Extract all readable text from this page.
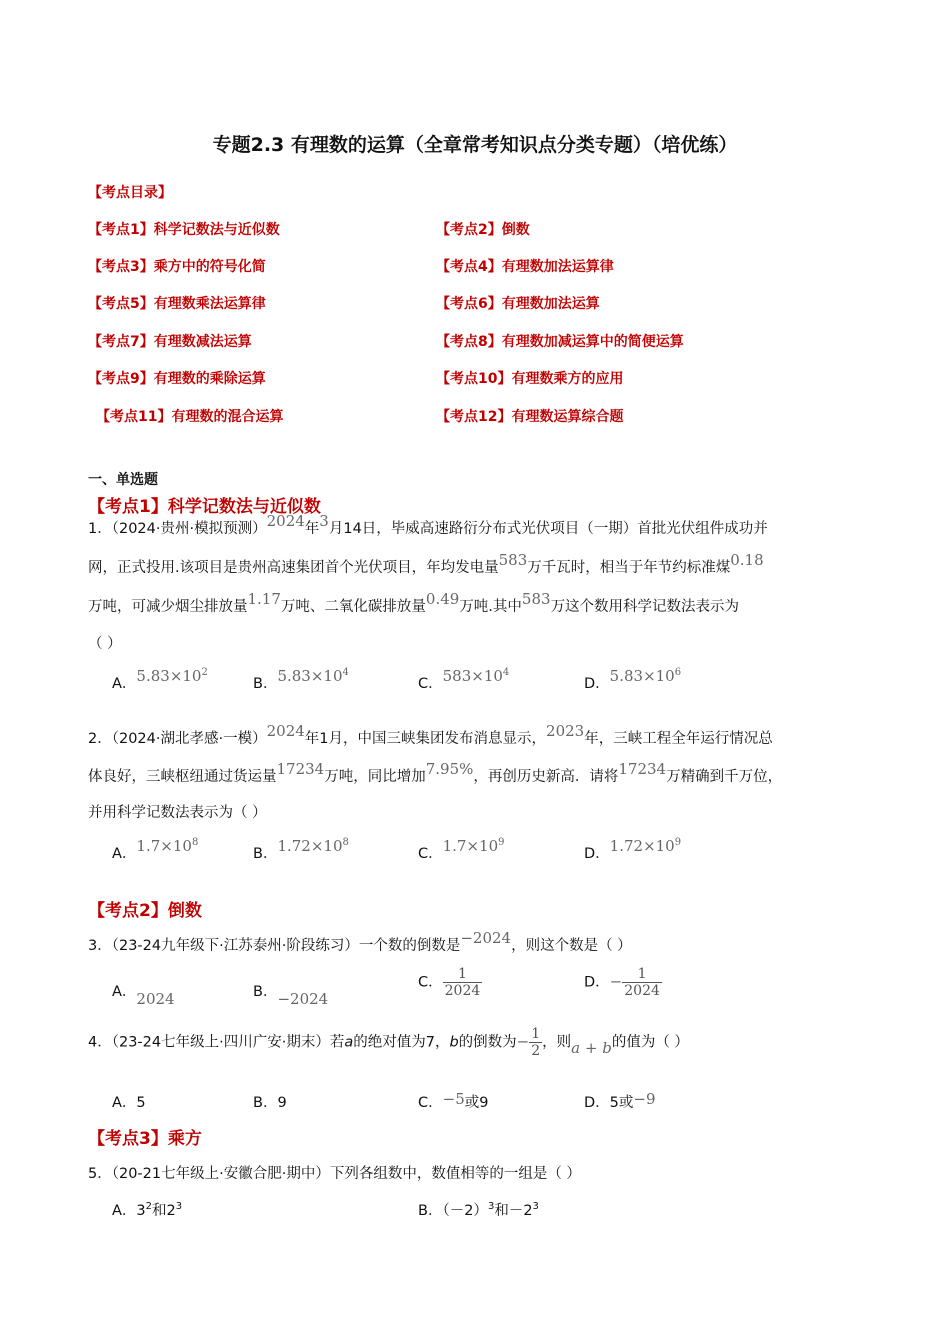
专题2.3 有理数的运算（全章常考知识点分类专题）（培优练）
【考点目录】
【考点1】科学记数法与近似数	【考点2】倒数
【考点3】乘方中的符号化简	【考点4】有理数加法运算律
【考点5】有理数乘法运算律	【考点6】有理数加法运算
【考点7】有理数减法运算	【考点8】有理数加减运算中的简便运算
【考点9】有理数的乘除运算	【考点10】有理数乘方的应用
【考点11】有理数的混合运算	【考点12】有理数运算综合题
一、单选题
【考点1】科学记数法与近似数
1．（2024·贵州·模拟预测）2024年3月14日，毕威高速路衍分布式光伏项目（一期）首批光伏组件成功并
网，正式投用.该项目是贵州高速集团首个光伏项目，年均发电量583万千瓦时，相当于年节约标准煤0.18
万吨，可减少烟尘排放量1.17万吨、二氧化碳排放量0.49万吨.其中583万这个数用科学记数法表示为
（ ）
A．$5.83\times 10^2$
B．$5.83\times 10^4$
C．$583\times 10^4$
D．$5.83\times 10^6$
2．（2024·湖北孝感·一模）2024年1月，中国三峡集团发布消息显示，2023年，三峡工程全年运行情况总
体良好，三峡枢纽通过货运量17234万吨，同比增加7.95%，再创历史新高．请将17234万精确到千万位，
并用科学记数法表示为（ ）
A．$1.7\times 10^8$
B．$1.72\times 10^8$
C．$1.7\times 10^9$
D．$1.72\times 10^9$
【考点2】倒数
3．（23-24九年级下·江苏泰州·阶段练习）一个数的倒数是−2024，则这个数是（ ）
A．2024	B．−2024
C． $\frac{1}{2024}$	D．− $\frac{1}{2024}$
4．（23-24七年级上·四川广安·期末）若a的绝对值为7，b的倒数为− $\frac{1}{2}$ ，则a + b的值为（ ）
A．5	B．9	C．−5或9	D．5或−9
【考点3】乘方
5．（20-21七年级上·安徽合肥·期中）下列各组数中，数值相等的一组是（ ）
A．$3^2$和$2^3$	B．$(-2)^3$和$-2^3$
